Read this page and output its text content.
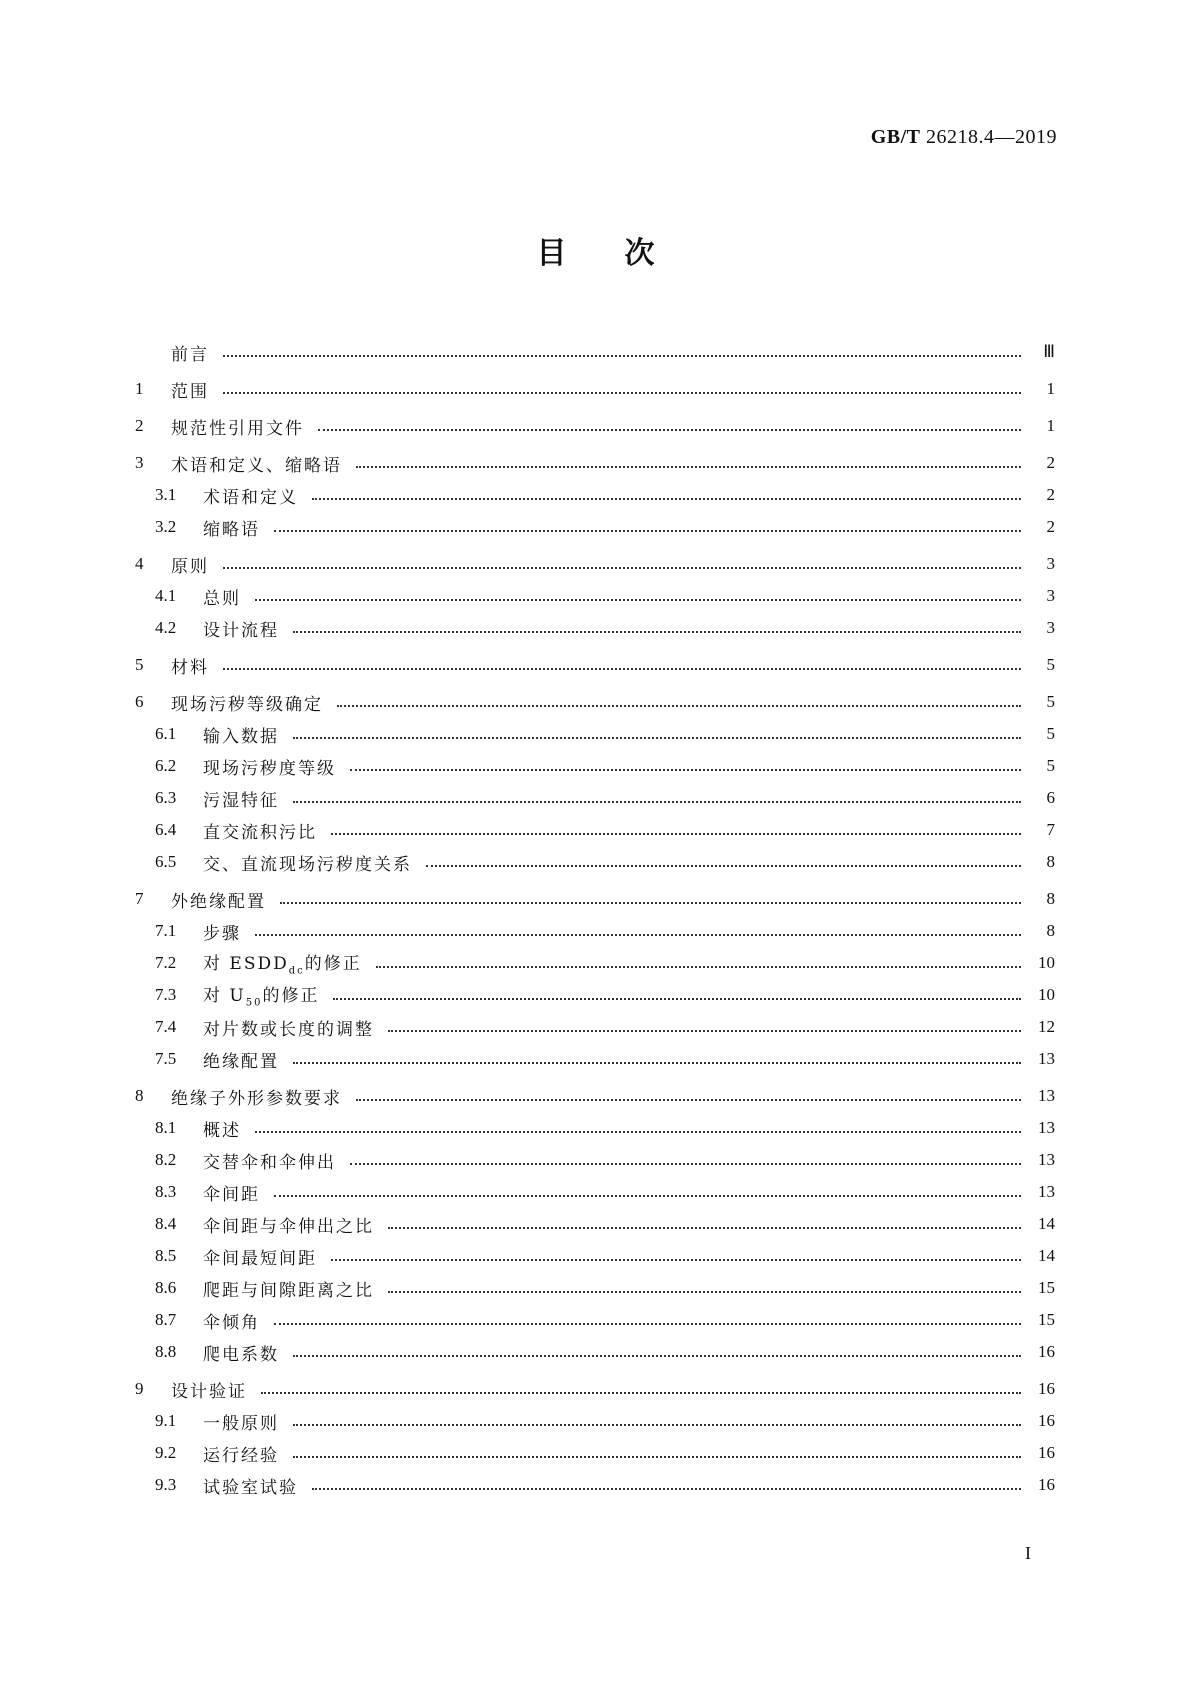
GB/T 26218.4—2019
目次
前言	Ⅲ
1	范围	1
2	规范性引用文件	1
3	术语和定义、缩略语	2
3.1	术语和定义	2
3.2	缩略语	2
4	原则	3
4.1	总则	3
4.2	设计流程	3
5	材料	5
6	现场污秽等级确定	5
6.1	输入数据	5
6.2	现场污秽度等级	5
6.3	污湿特征	6
6.4	直交流积污比	7
6.5	交、直流现场污秽度关系	8
7	外绝缘配置	8
7.1	步骤	8
7.2	对 $ESDD_{dc}$的修正	10
7.3	对 $U_{50}$的修正	10
7.4	对片数或长度的调整	12
7.5	绝缘配置	13
8	绝缘子外形参数要求	13
8.1	概述	13
8.2	交替伞和伞伸出	13
8.3	伞间距	13
8.4	伞间距与伞伸出之比	14
8.5	伞间最短间距	14
8.6	爬距与间隙距离之比	15
8.7	伞倾角	15
8.8	爬电系数	16
9	设计验证	16
9.1	一般原则	16
9.2	运行经验	16
9.3	试验室试验	16
I
